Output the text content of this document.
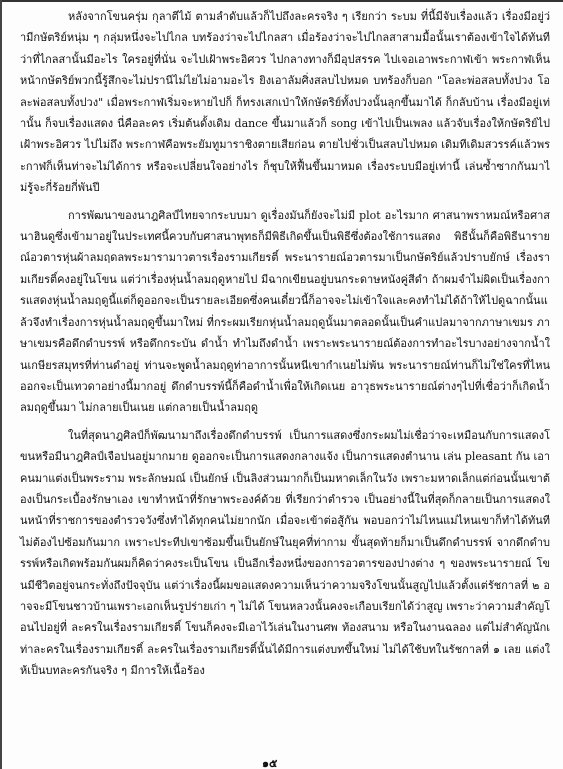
หลังจากโขนครุ่ม กุลาตีไม้ ตามลำดับแล้วก็ไปถึงละครจริง ๆ เรียกว่า ระบม ที่นี้มีจับเรื่องแล้ว เรื่องมีอยู่ว่ามีกษัตริย์หนุ่ม ๆ กลุ่มหนึ่งจะไปไกล บทร้องว่าจะไปไกลสา เมื่อร้องว่าจะไปไกลสาสามมื้อนั้นเราต้องเข้าใจได้ทันทีว่าที่ไกลสานั้นมีอะไร ใครอยู่ที่นั่น จะไปเฝ้าพระอิศวร ไปกลางทางก็มีอุปสรรค ไปเจอเอาพระกาฬเข้า พระกาฬเห็นหน้ากษัตริย์พวกนี้รู้สึกจะไม่ปรานีไม่ไยไม่อามอะไร ยิงเอาลัมศิ่งสลบไปหมด บทร้องก็บอก "โอละพ่อสลบทั้งปวง โอละพ่อสลบทั้งปวง" เมื่อพระกาฬเริ่มจะหายไปก็ ก็ทรงเสกเป่าให้กษัตริย์ทั้งปวงนั้นลุกขึ้นมาได้ ก็กลับบ้าน เรื่องมีอยู่เท่านั้น ก็จบเรื่องแสดง นี่คือละคร เริ่มต้นดั้งเดิม dance ขึ้นมาแล้วก็ song เข้าไปเป็นเพลง แล้วจับเรื่องให้กษัตริย์ไปเฝ้าพระอิศวร ไปไม่ถึง พระกาฬคือพระยัมทูมาราชิงตายเสียก่อน ตายไปชั่วเป็นสลบไปหมด เดิมทีเดิมสวรรค์แล้วพระกาฬก็เห็นท่าจะไม่ได้การ หรือจะเปลี่ยนใจอย่างไร ก็ชุบให้ฟื้นขึ้นมาหมด เรื่องระบบมีอยู่เท่านี้ เล่นซ้ำซากกันมาไม่รู้จะกี่ร้อยกี่พันปี

การพัฒนาของนาฎศิลป์ไทยจากระบบมา ดูเรื่องมันก็ยังจะไม่มี plot อะไรมาก ศาสนาพราหมณ์หรือศาสนาฮินดูซึ่งเข้ามาอยู่ในประเทศนี้ควบกับศาสนาพุทธก็มีพิธีเกิดขึ้นเป็นพิธีซึ่งต้องใช้การแสดง พิธีนั้นก็คือพิธีนารายณ์อวตารหุ่นผ้าลมฤดลพระมารามาวตารเรื่องรามเกียรติ์ พระนารายณ์อวตารมาเป็นกษัตริย์แล้วปราบยักษ์ เรื่องรามเกียรติ์คงอยู่ในโขน แต่ว่าเรื่องหุ่นน้ำลมฤดูหายไป มีฉากเขียนอยู่บนกระดาษหนังคู่สีดำ ถ้าผมจำไม่ผิดเป็นเรื่องการแสดงหุ่นน้ำลมฤดูนี้แต่ก็ดูออกจะเป็นรายละเอียดซึ่งคนเดี๋ยวนี้ก็อาจจะไม่เข้าใจและคงทำไม่ได้ถ้าให้ไปดูฉากนั้นแล้วจึงทำเรื่องการหุ่นน้ำลมฤดูขึ้นมาใหม่ ที่กระผมเรียกหุ่นน้ำลมฤดูนั้นมาตลอดนั้นเป็นคำแปลมาจากภาษาเขมร ภาษาเขมรคือดึกดำบรรพ์ หรือดึกกระบัน ดำน้ำ ทำไมถึงดำน้ำ เพราะพระนารายณ์ต้องการทำอะไรบางอย่างจากน้ำในเกษียรสมุทรที่ท่านดำอยู่ ท่านจะพูดน้ำลมฤดูท่าอาการนั้นหนีเขากำเนยไม่พ้น พระนารายณ์ท่านก็ไม่ใช่ใครที่ไหน ออกจะเป็นเทวดาอย่างนี้มากอยู่ ดึกดำบรรพ์นี้ก็คือดำน้ำเพื่อให้เกิดเนย อาวุธพระนารายณ์ต่างๆไปที่เชื่อว่าก็เกิดน้ำลมฤดูขึ้นมา ไม่กลายเป็นเนย แต่กลายเป็นน้ำลมฤดู

ในที่สุดนาฎศิลป์ก็พัฒนามาถึงเรื่องดึกดำบรรพ์ เป็นการแสดงซึ่งกระผมไม่เชื่อว่าจะเหมือนกับการแสดงโขนหรือมีนาฎศิลป์เจือปนอยู่มากมาย ดูออกจะเป็นการแสดงกลางแจ้ง เป็นการแสดงตำนาน เล่น pleasant กัน เอาคนมาแต่งเป็นพระราม พระลักษมณ์ เป็นยักษ์ เป็นลิงส่วนมากก็เป็นมหาดเล็กในวัง เพราะมหาดเล็กแต่ก่อนนั้นเขาต้องเป็นกระเบื้องรักษาเอง เขาทำหน้าที่รักษาพระองค์ด้วย ที่เรียกว่าตำรวจ เป็นอย่างนี้ในที่สุดก็กลายเป็นการแสดงในหน้าที่ราชการของตำรวจวังซึ่งทำได้ทุกคนไม่ยากนัก เมื่อจะเข้าต่อสู้กัน พอบอกว่าไม่ไหนแม่ไหนเขาก็ทำได้ทันที ไม่ต้องไปซ้อมกันมาก เพราะประทีปเขาซ้อมขึ้นเป็นยักษ์ในยุคที่ท่ากาม ขั้นสุดท้ายก็มาเป็นดึกดำบรรพ์ จากดึกดำบรรพ์หรือเกิดพร้อมกันผมก็คิดว่าคงระเป็นโขน เป็นอีกเรื่องหนึ่งของการอวตารของปางต่าง ๆ ของพระนารายณ์ โขนมีชีวิตอยู่จนกระทั่งถึงปัจจุบัน แต่ว่าเรื่องนี้ผมขอแสดงความเห็นว่าความจริงโขนนั้นสูญไปแล้วตั้งแต่รัชกาลที่ ๒ อาจจะมีโขนชาวบ้านเพราะเอกเห็นรูปร่ายเก่า ๆ ไม่ได้ โขนหลวงนั้นคงจะเกือบเรียกได้ว่าสูญ เพราะว่าความสำคัญโอนไปอยู่ที่ ละครในเรื่องรามเกียรติ์ โขนก็คงจะมีเอาไว้เล่นในงานศพ ท้องสนาม หรือในงานฉลอง แต่ไม่สำคัญนักเท่าละครในเรื่องรามเกียรติ์ ละครในเรื่องรามเกียรติ์นั้นได้มีการแต่งบทขึ้นใหม่ ไม่ได้ใช้บทในรัชกาลที่ ๑ เลย แต่งให้เป็นบทละครกันจริง ๆ มีการให้เนื้อร้อง

๑๕
